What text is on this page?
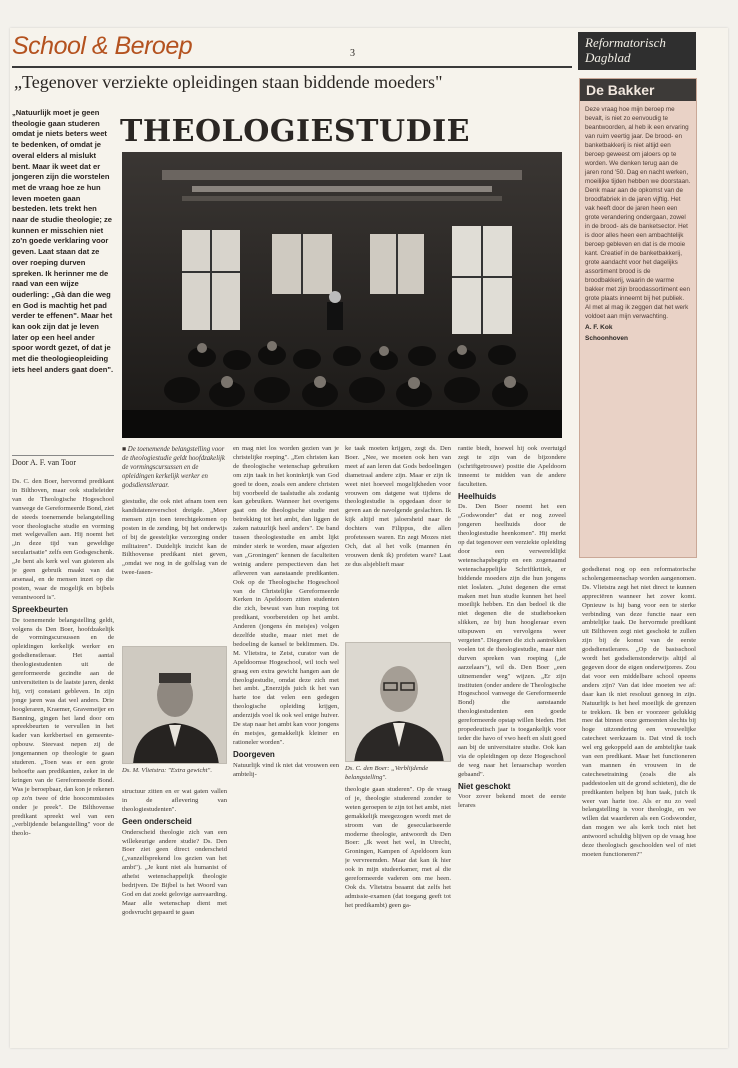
School & Beroep	3
Reformatorisch
Dagblad
„Tegenover verziekte opleidingen staan biddende moeders"
„Natuurlijk moet je geen theologie gaan studeren omdat je niets beters weet te bedenken, of omdat je overal elders al mislukt bent. Maar ik weet dat er jongeren zijn die worstelen met de vraag hoe ze hun leven moeten gaan besteden. Iets trekt hen naar de studie theologie; ze kunnen er misschien niet zo'n goede verklaring voor geven. Laat staan dat ze over roeping durven spreken. Ik herinner me de raad van een wijze ouderling: „Gà dan die weg en God is machtig het pad verder te effenen". Maar het kan ook zijn dat je leven later op een heel ander spoor wordt gezet, of dat je met die theologieopleiding iets heel anders gaat doen".
Door A. F. van Toor
THEOLOGIESTUDIE
■ De toenemende belangstelling voor de theologiestudie geldt hoofdzakelijk de vormingscursussen en de opleidingen kerkelijk werker en godsdienstleraar.
De Bakker
Deze vraag hoe mijn beroep me bevalt, is niet zo eenvoudig te beantwoorden, al heb ik een ervaring van ruim veertig jaar. De brood- en banketbakkerij is niet altijd een beroep geweest om jaloers op te worden. We denken terug aan de jaren rond '50. Dag en nacht werken, moeilijke tijden hebben we doorstaan. Denk maar aan de opkomst van de broodfabriek in de jaren vijftig. Het vak heeft door de jaren heen een grote verandering ondergaan, zowel in de brood- als de banketsector. Het is door alles heen een ambachtelijk beroep gebleven en dat is de mooie kant. Creatief in de banketbakkerij, grote aandacht voor het dagelijks assortiment brood is de broodbakkerij, waarin de warme bakker met zijn broodassortiment een grote plaats inneemt bij het publiek. Al met al mag ik zeggen dat het werk voldoet aan mijn verwachting.
A. F. Kok
Schoonhoven

Ds. C. den Boer, hervormd predikant in Bilthoven, maar ook studieleider van de Theologische Hogeschool vanwege de Gereformeerde Bond, ziet de steeds toenemende belangstelling voor theologische studie en vorming met welgevallen aan. Hij noemt het „in deze tijd van geweldige secularisatie" zelfs een Godsgeschenk. „Je bent als kerk wel van gisteren als je geen gebruik maakt van dat arsenaal, en de mensen inzet op die posten, waar de mogelijk en bijbels verantwoord is".

Spreekbeurten

De toenemende belangstelling geldt, volgens ds Den Boer, hoofdzakelijk de vormingscursussen en de opleidingen kerkelijk werker en godsdienstleraar. Het aantal theologiestudenten uit de gereformeerde gezindte aan de universiteiten is de laatste jaren, denkt hij, vrij constant gebleven. In zijn jonge jaren was dat wel anders. Drie hoogleraren, Kraemer, Gravemeijer en Banning, gingen het land door om spreekbeurten te vervullen in het kader van kerkbertsel en gemeente-opbouw. Steevast nepen zij de jongemannen op theologie te gaan studeren. „Toen was er een grote behoefte aan predikanten, zeker in de kringen van de Gereformeerde Bond. Was je beroepbaar, dan kon je rekenen op zo'n twee of drie hoocommissies onder je preek". De Bilthovense predikant spreekt wel van een „verblijdende belangstelling" voor de theolo-

giestudie, die ook niet afnam toen een kandidatenoverschot dreigde. „Meer mensen zijn toen terechtgekomen op posten in de zending, bij het onderwijs of bij de geestelijke verzorging onder militairen". Duidelijk inzicht kan de Bilthovense predikant niet geven, „omdat we nog in de golfslag van de twee-fasen-

Ds. M. Vlietstra: "Extra gewicht".

structuur zitten en er wat gaten vallen in de aflevering van theologiestudenten".

Geen onderscheid

Onderscheid theologie zich van een willekeurige andere studie? Ds. Den Boer ziet geen direct onderscheid („vanzelfsprekend los gezien van het ambt"). „Je kunt niet als humanist of atheïst wetenschappelijk theologie bedrijven. De Bijbel is het Woord van God en dat zoekt gelovige aanvaarding. Maar alle wetenschap dient met godsvrucht gepaard te gaan

en mag niet los worden gezien van je christelijke roeping". „Een christen kan de theologische wetenschap gebruiken om zijn taak in het koninkrijk van God goed te doen, zoals een andere christen bij voorbeeld de taalstudie als zodanig kan gebruiken. Wanneer het overigens gaat om de theologische studie met betrekking tot het ambt, dan liggen de zaken natuurlijk heel anders". De band tussen theologiestudie en ambt lijkt minder sterk te worden, maar afgezien van „Groningen" kennen de faculteiten weinig andere perspectieven dan het afleveren van aanstaande predikanten. Ook op de Theologische Hogeschool van de Christelijke Gereformeerde Kerken in Apeldoorn zitten studenten die zich, bewust van hun roeping tot predikant, voorbereiden op het ambt. Anderen (jongens én meisjes) volgen dezelfde studie, maar niet met de bedoeling de kansel te beklimmen. Ds. M. Vlietstra, te Zeist, curator van de Apeldoornse Hogeschool, wil toch wel graag een extra gewicht hangen aan de theologiestudie, omdat deze zich met het ambt. „Enerzijds juich ik het van harte toe dat velen een gedegen theologische opleiding krijgen, anderzijds voel ik ook wel enige huiver. De stap naar het ambt kan voor jongens én meisjes, gemakkelijk kleiner en rationeler worden".

Doorgeven

Natuurlijk vind ik niet dat vrouwen een ambtelij-

ke taak moeten krijgen, zegt ds. Den Boer. „Nee, we moeten ook hen van meet af aan leren dat Gods bedoelingen diametraal andere zijn. Maar er zijn ik weet niet hoeveel mogelijkheden voor vrouwen om datgene wat tijdens de theologiestudie is opgedaan door te geven aan de navolgende geslachten. Ik kijk altijd met jaloersheid naar de dochters van Filippus, die allen profetessen waren. En zegt Mozes niet Och, dat al het volk (mannen én vrouwen denk ik) profeten ware? Laat ze dus alsjeblieft maar

Ds. C. den Boer: „Verblijdende belangstelling".

theologie gaan studeren". Op de vraag of je, theologie studerend zonder te weten geroepen te zijn tot het ambt, niet gemakkelijk meegezogen wordt met de stroom van de geseculariseerde moderne theologie, antwoordt ds Den Boer: „Ik weet het wel, in Utrecht, Groningen, Kampen of Apeldoorn kun je vervreemden. Maar dat kan ik hier ook in mijn studeerkamer, met al die gereformeerde vaderen om me heen. Ook ds. Vlietstra beaamt dat zelfs het admissie-examen (dat toegang geeft tot het predikambt) geen ga-

rantie biedt, hoewel hij ook overtuigd zegt te zijn van de bijzondere (schriftgetrouwe) positie die Apeldoorn inneemt te midden van de andere faculteiten.

Heelhuids

Ds. Den Boer noemt het een „Godswonder" dat er nog zoveel jongeren heelhuids door de theologiestudie heenkomen". Hij merkt op dat tegenover een verziekte opleiding door een verwereldlijkt wetenschapsbegrip en een zogenaamd wetenschappelijke Schriftkritiek, er biddende moeders zijn die hun jongens niet loslaten. „Juist degenen die ernst maken met hun studie kunnen het heel moeilijk hebben. En dan bedoel ik die niet degenen die de studieboeken slikken, ze bij hun hoogleraar even uitspuwen en vervolgens weer vergeten". Diegenen die zich aantrekken voelen tot de theologiestudie, maar niet durven spreken van roeping („de aarzelaars"), wil ds. Den Boer „een uitnemender weg" wijzen. „Er zijn instituten (onder andere de Theologische Hogeschool vanwege de Gereformeerde Bond) die aanstaande theologiestudenten een goede gereformeerde opstap willen bieden. Het propedeutisch jaar is toegankelijk voor ieder die havo of vwo heeft en sluit goed aan bij de universitaire studie. Ook kan via de opleidingen op deze Hogeschool de weg naar het leraarschap worden gebaand".

Niet geschokt

Voor zover bekend moet de eerste lerares

godsdienst nog op een reformatorische scholengemeenschap worden aangenomen. Ds. Vlietstra zegt het niet direct te kunnen appreciëren wanneer het zover komt. Opnieuw is hij bang voor een te sterke verbinding van deze functie naar een ambtelijke taak. De hervormde predikant uit Bilthoven zegt niet geschokt te zullen zijn bij de komst van de eerste godsdienstlerares. „Op de basisschool wordt het godsdienstonderwijs altijd al gegeven door de eigen onderwijzeres. Zou dat voor een middelbare school opeens anders zijn? Van dat idee moeten we af: daar kan ik niet resoluut genoeg in zijn. Natuurlijk is het heel moeilijk de grenzen te trekken. Ik ben er voorzeer gelukkig mee dat binnen onze gemeenten slechts bij hoge uitzondering een vrouwelijke catecheet werkzaam is. Dat vind ik toch wel erg gekoppeld aan de ambtelijke taak van een predikant. Maar het functioneren van mannen én vrouwen in de catechesetraining (zoals die als paddestoelen uit de grond schieten), die de predikanten helpen bij hun taak, juich ik weer van harte toe. Als er nu zo veel belangstelling is voor theologie, en we willen dat waarderen als een Godswonder, dan mogen we als kerk toch niet het antwoord schuldig blijven op de vraag hoe deze theologisch geschoolden wel of niet moeten functioneren?"
